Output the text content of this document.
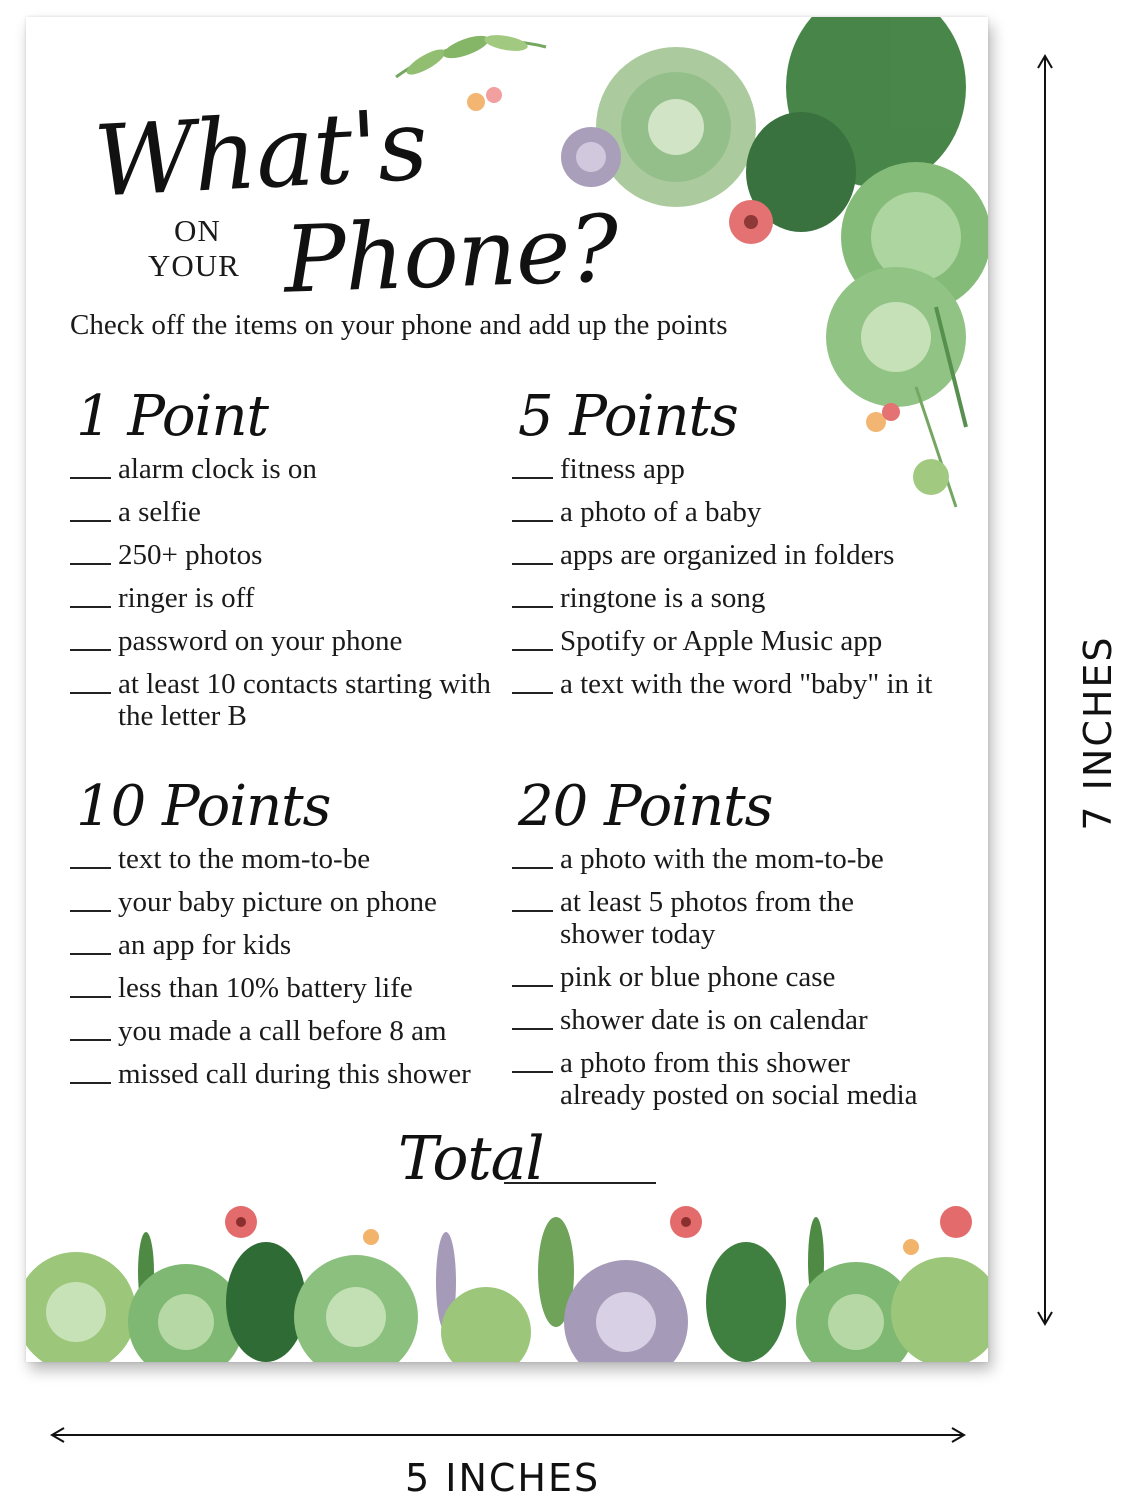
What's
ON
YOUR Phone?
Check off the items on your phone and add up the points
1 Point
alarm clock is on
a selfie
250+ photos
ringer is off
password on your phone
at least 10 contacts starting with the letter B
5 Points
fitness app
a photo of a baby
apps are organized in folders
ringtone is a song
Spotify or Apple Music app
a text with the word "baby" in it
10 Points
text to the mom-to-be
your baby picture on phone
an app for kids
less than 10% battery life
you made a call before 8 am
missed call during this shower
20 Points
a photo with the mom-to-be
at least 5 photos from the shower today
pink or blue phone case
shower date is on calendar
a photo from this shower already posted on social media
Total
5 INCHES
7 INCHES
